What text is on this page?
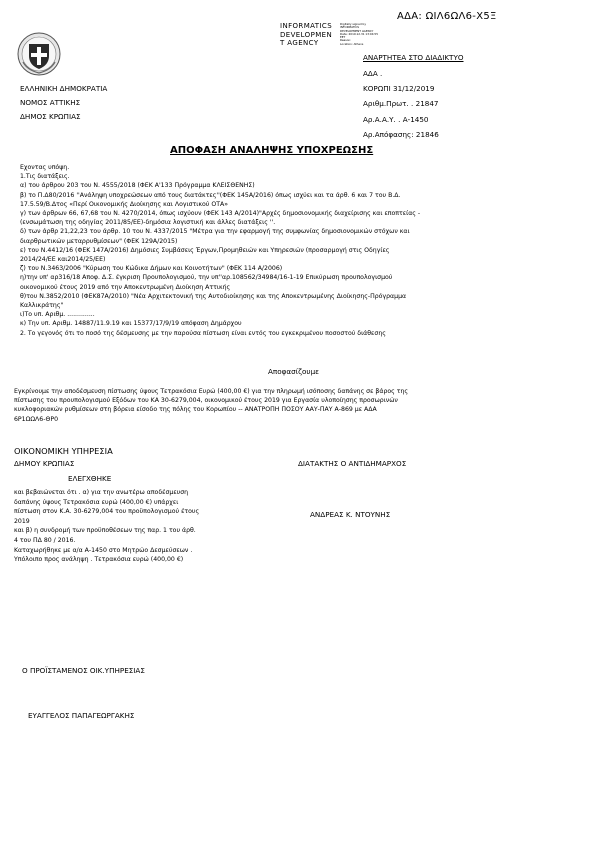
ΑΔΑ: ΩΙΛ6ΩΛ6-Χ5Ξ
INFORMATICS
DEVELOPMEN
T AGENCY
Digitally signed by
INFORMATICS
DEVELOPMENT AGENCY
Date: 2019.12.31 13:04:55
EET
Reason:
Location: Athens
ΑΝΑΡΤΗΤΕΑ ΣΤΟ ΔΙΑΔΙΚΤΥΟ
ΕΛΛΗΝΙΚΗ ΔΗΜΟΚΡΑΤΙΑ
ΝΟΜΟΣ ΑΤΤΙΚΗΣ
ΔΗΜΟΣ ΚΡΩΠΙΑΣ
ΑΔΑ .
ΚΟΡΩΠΙ 31/12/2019
Αριθμ.Πρωτ. . 21847
Αρ.Α.Α.Υ. . Α-1450
Αρ.Απόφασης: 21846
ΑΠΟΦΑΣΗ ΑΝΑΛΗΨΗΣ ΥΠΟΧΡΕΩΣΗΣ
Εχοντας υπόψη.
1.Τις διατάξεις.
α) του άρθρου 203 του Ν. 4555/2018 (ΦΕΚ Α'133 Πρόγραμμα ΚΛΕΙΣΘΕΝΗΣ)
β) το Π.Δ80/2016 ''Ανάληψη υποχρεώσεων από τους διατάκτες''(ΦΕΚ 145Α/2016) όπως ισχύει και τα άρθ. 6 και 7 του Β.Δ.
17.5.59/Β.Δτος «Περί Οικονομικής Διοίκησης και Λογιστικού ΟΤΑ»
γ) των άρθρων 66, 67,68 του Ν. 4270/2014, όπως ισχύουν (ΦΕΚ 143 Α/2014)"Αρχές δημοσιονομικής διαχείρισης και εποπτείας -
(ενσωμάτωση της οδηγίας 2011/85/ΕΕ)-δημόσια λογιστική και άλλες διατάξεις ''.
δ) των άρθρ 21,22,23 του άρθρ. 10 του Ν. 4337/2015 "Μέτρα για την εφαρμογή της συμφωνίας δημοσιονομικών στόχων και
διαρθρωτικών μεταρρυθμίσεων" (ΦΕΚ 129Α/2015)
ε) του Ν.4412/16 (ΦΕΚ 147Α/2016) Δημόσιες Συμβάσεις Έργων,Προμηθειών και Υπηρεσιών (προσαρμογή στις Οδηγίες
2014/24/ΕΕ και2014/25/ΕΕ)
ζ) του Ν.3463/2006 "Κύρωση του Κώδικα Δήμων και Κοινοτήτων" (ΦΕΚ 114 Α/2006)
η)την υπ' αρ316/18 Αποφ. Δ.Σ. έγκριση Προυπολογισμού, την υπ''αρ.108562/34984/16-1-19 Επικύρωση προυπολογισμού
οικονομικού έτους 2019 από την Αποκεντρωμένη Διοίκηση Αττικής
θ)του Ν.3852/2010 (ΦΕΚ87Α/2010) "Νέα Αρχιτεκτονική της Αυτοδιοίκησης και της Αποκεντρωμένης Διοίκησης-Πρόγραμμα
Καλλικράτης"
ι)Το υπ. Αριθμ. ..............
κ) Την υπ. Αριθμ. 14887/11.9.19 και 15377/17/9/19 απόφαση Δημάρχου
2. Το γεγονός ότι το ποσό της δέσμευσης με την παρούσα πίστωση είναι εντός του εγκεκριμένου ποσοστού διάθεσης
Αποφασίζουμε
Εγκρίνουμε την αποδέσμευση πίστωσης ύψους Τετρακόσια Ευρώ (400,00 €) για την πληρωμή ισόποσης δαπάνης σε βάρος της
πίστωσης του προυπολογισμού Εξόδων του ΚΑ 30-6279,004, οικονομικού έτους 2019 για Εργασία υλοποίησης προσωρινών
κυκλοφοριακών ρυθμίσεων στη βόρεια είσοδο της πόλης του Κορωπίου -- ΑΝΑΤΡΟΠΗ ΠΟΣΟΥ ΑΑΥ-ΠΑΥ Α-869 με ΑΔΑ
6Ρ1ΩΩΛ6-ΘΡ0
ΟΙΚΟΝΟΜΙΚΗ ΥΠΗΡΕΣΙΑ
ΔΗΜΟΥ ΚΡΩΠΙΑΣ
ΕΛΕΓΧΘΗΚΕ
και βεβαιώνεται ότι . α) για την ανωτέρω αποδέσμευση
δαπάνης ύψους Τετρακόσια ευρώ (400,00 €) υπάρχει
πίστωση στον Κ.Α. 30-6279,004 του προϋπολογισμού έτους
2019
και β) η συνδρομή των προϋποθέσεων της παρ. 1 του άρθ.
4 του ΠΔ 80 / 2016.
Καταχωρήθηκε με α/α Α-1450 στο Μητρώο Δεσμεύσεων .
Υπόλοιπο προς ανάληψη . Τετρακόσια ευρώ (400,00 €)
ΔΙΑΤΑΚΤΗΣ Ο ΑΝΤΙΔΗΜΑΡΧΟΣ
ΑΝΔΡΕΑΣ Κ. ΝΤΟΥΝΗΣ
Ο ΠΡΟΪΣΤΑΜΕΝΟΣ ΟΙΚ.ΥΠΗΡΕΣΙΑΣ
ΕΥΑΓΓΕΛΟΣ ΠΑΠΑΓΕΩΡΓΑΚΗΣ
